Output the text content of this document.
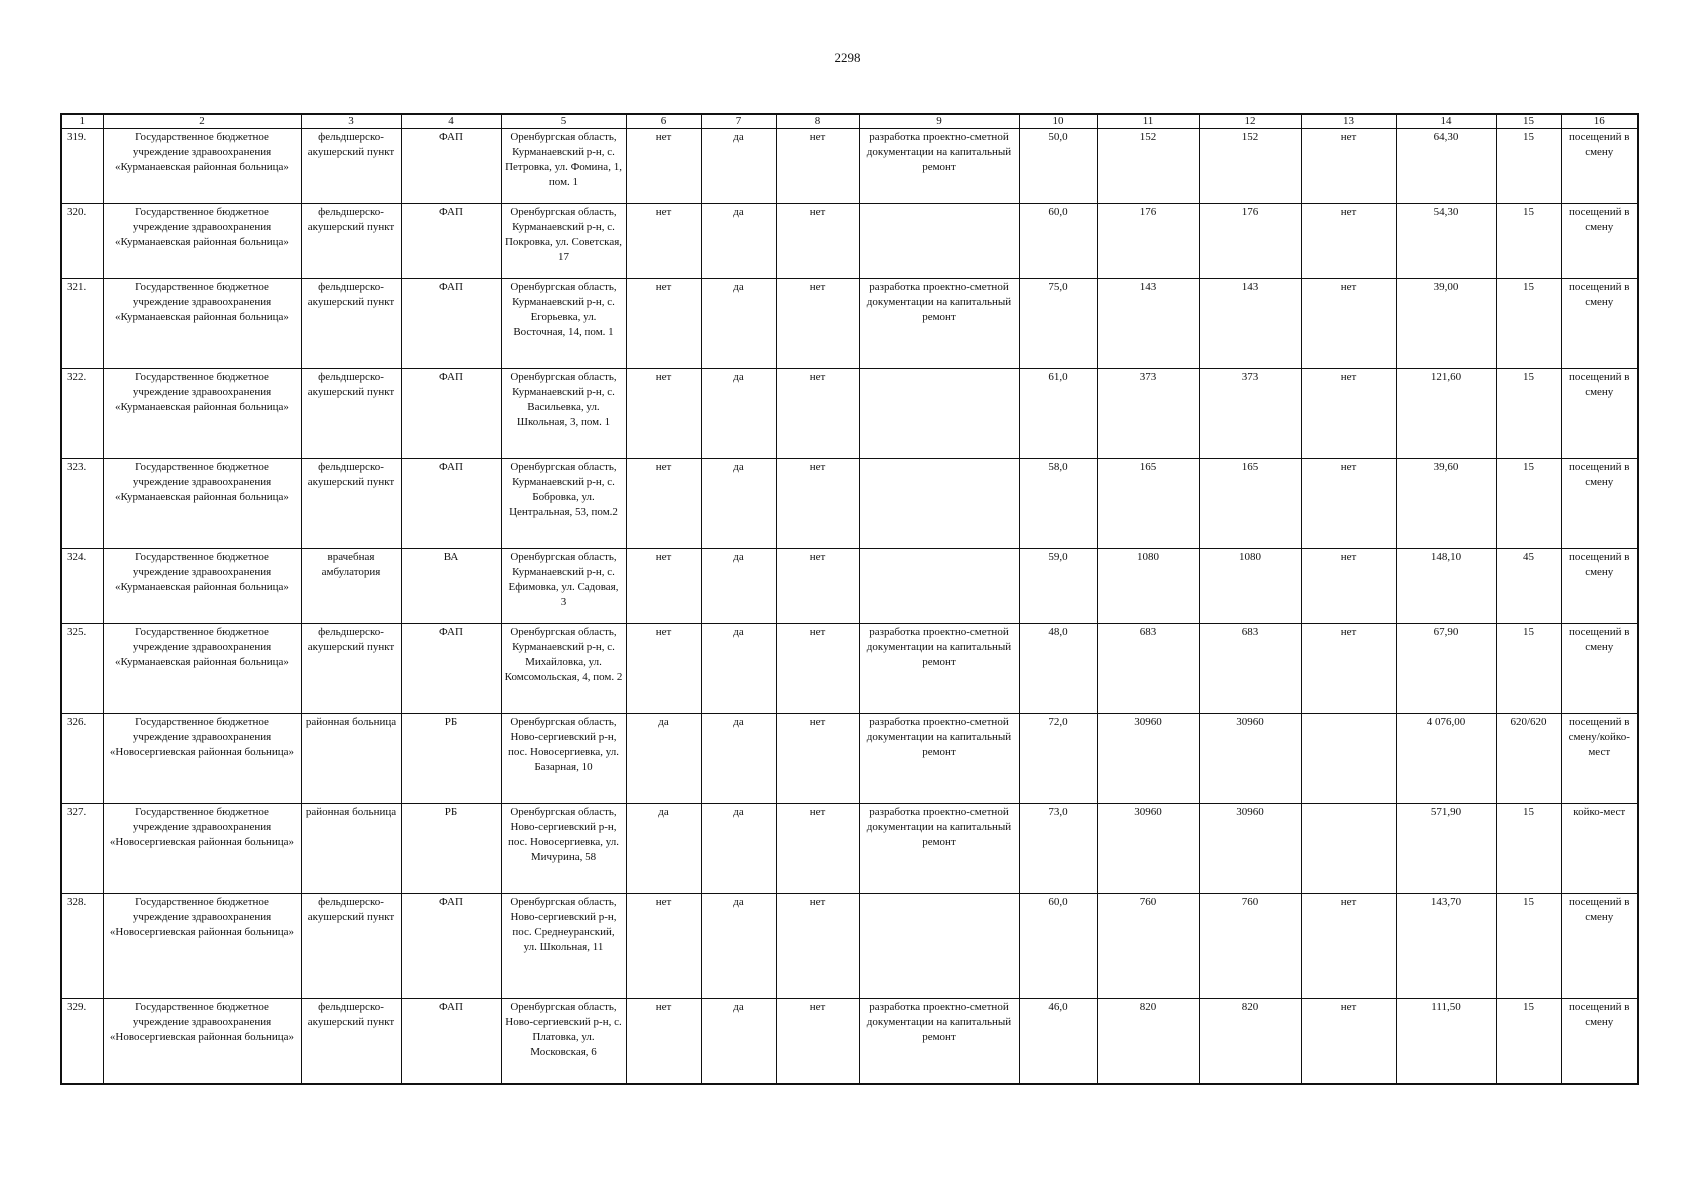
2298
1	2	3	4	5	6	7	8	9	10	11	12	13	14	15	16
319.	Государственное бюджетное учреждение здравоохранения «Курманаевская районная больница»	фельдшерско-акушерский пункт	ФАП	Оренбургская область, Курманаевский р-н, с. Петровка, ул. Фомина, 1, пом. 1	нет	да	нет	разработка проектно-сметной документации на капитальный ремонт	50,0	152	152	нет	64,30	15	посещений в смену
320.	Государственное бюджетное учреждение здравоохранения «Курманаевская районная больница»	фельдшерско-акушерский пункт	ФАП	Оренбургская область, Курманаевский р-н, с. Покровка, ул. Советская, 17	нет	да	нет		60,0	176	176	нет	54,30	15	посещений в смену
321.	Государственное бюджетное учреждение здравоохранения «Курманаевская районная больница»	фельдшерско-акушерский пункт	ФАП	Оренбургская область, Курманаевский р-н, с. Егорьевка, ул. Восточная, 14, пом. 1	нет	да	нет	разработка проектно-сметной документации на капитальный ремонт	75,0	143	143	нет	39,00	15	посещений в смену
322.	Государственное бюджетное учреждение здравоохранения «Курманаевская районная больница»	фельдшерско-акушерский пункт	ФАП	Оренбургская область, Курманаевский р-н, с. Васильевка, ул. Школьная, 3, пом. 1	нет	да	нет		61,0	373	373	нет	121,60	15	посещений в смену
323.	Государственное бюджетное учреждение здравоохранения «Курманаевская районная больница»	фельдшерско-акушерский пункт	ФАП	Оренбургская область, Курманаевский р-н, с. Бобровка, ул. Центральная, 53, пом.2	нет	да	нет		58,0	165	165	нет	39,60	15	посещений в смену
324.	Государственное бюджетное учреждение здравоохранения «Курманаевская районная больница»	врачебная амбулатория	ВА	Оренбургская область, Курманаевский р-н, с. Ефимовка, ул. Садовая, 3	нет	да	нет		59,0	1080	1080	нет	148,10	45	посещений в смену
325.	Государственное бюджетное учреждение здравоохранения «Курманаевская районная больница»	фельдшерско-акушерский пункт	ФАП	Оренбургская область, Курманаевский р-н, с. Михайловка, ул. Комсомольская, 4, пом. 2	нет	да	нет	разработка проектно-сметной документации на капитальный ремонт	48,0	683	683	нет	67,90	15	посещений в смену
326.	Государственное бюджетное учреждение здравоохранения «Новосергиевская районная больница»	районная больница	РБ	Оренбургская область, Ново-сергиевский р-н, пос. Новосергиевка, ул. Базарная, 10	да	да	нет	разработка проектно-сметной документации на капитальный ремонт	72,0	30960	30960		4 076,00	620/620	посещений в смену/койко-мест
327.	Государственное бюджетное учреждение здравоохранения «Новосергиевская районная больница»	районная больница	РБ	Оренбургская область, Ново-сергиевский р-н, пос. Новосергиевка, ул. Мичурина, 58	да	да	нет	разработка проектно-сметной документации на капитальный ремонт	73,0	30960	30960		571,90	15	койко-мест
328.	Государственное бюджетное учреждение здравоохранения «Новосергиевская районная больница»	фельдшерско-акушерский пункт	ФАП	Оренбургская область, Ново-сергиевский р-н, пос. Среднеуранский, ул. Школьная, 11	нет	да	нет		60,0	760	760	нет	143,70	15	посещений в смену
329.	Государственное бюджетное учреждение здравоохранения «Новосергиевская районная больница»	фельдшерско-акушерский пункт	ФАП	Оренбургская область, Ново-сергиевский р-н, с. Платовка, ул. Московская, 6	нет	да	нет	разработка проектно-сметной документации на капитальный ремонт	46,0	820	820	нет	111,50	15	посещений в смену
